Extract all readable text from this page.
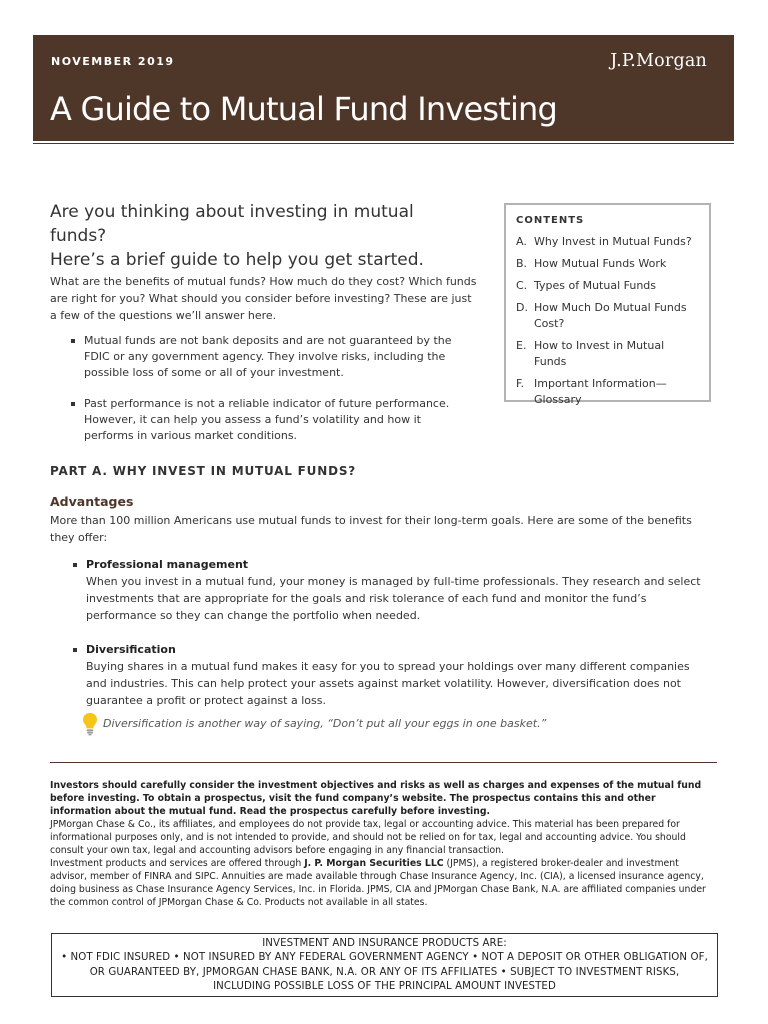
NOVEMBER 2019	J.P.Morgan
A Guide to Mutual Fund Investing
Are you thinking about investing in mutual funds?
Here’s a brief guide to help you get started.

What are the benefits of mutual funds? How much do they cost? Which funds are right for you? What should you consider before investing? These are just a few of the questions we’ll answer here.

Mutual funds are not bank deposits and are not guaranteed by the FDIC or any government agency. They involve risks, including the possible loss of some or all of your investment.
Past performance is not a reliable indicator of future performance. However, it can help you assess a fund’s volatility and how it performs in various market conditions.
CONTENTS
A. Why Invest in Mutual Funds?
B. How Mutual Funds Work
C. Types of Mutual Funds
D. How Much Do Mutual Funds Cost?
E. How to Invest in Mutual Funds
F. Important Information— Glossary
PART A. WHY INVEST IN MUTUAL FUNDS?
Advantages

More than 100 million Americans use mutual funds to invest for their long-term goals. Here are some of the benefits they offer:

Professional management
When you invest in a mutual fund, your money is managed by full-time professionals. They research and select investments that are appropriate for the goals and risk tolerance of each fund and monitor the fund’s performance so they can change the portfolio when needed.
Diversification
Buying shares in a mutual fund makes it easy for you to spread your holdings over many different companies and industries. This can help protect your assets against market volatility. However, diversification does not guarantee a profit or protect against a loss.

Diversification is another way of saying, “Don’t put all your eggs in one basket.”

Investors should carefully consider the investment objectives and risks as well as charges and expenses of the mutual fund before investing. To obtain a prospectus, visit the fund company’s website. The prospectus contains this and other information about the mutual fund. Read the prospectus carefully before investing.

JPMorgan Chase & Co., its affiliates, and employees do not provide tax, legal or accounting advice. This material has been prepared for informational purposes only, and is not intended to provide, and should not be relied on for tax, legal and accounting advice. You should consult your own tax, legal and accounting advisors before engaging in any financial transaction.

Investment products and services are offered through J. P. Morgan Securities LLC (JPMS), a registered broker-dealer and investment advisor, member of FINRA and SIPC. Annuities are made available through Chase Insurance Agency, Inc. (CIA), a licensed insurance agency, doing business as Chase Insurance Agency Services, Inc. in Florida. JPMS, CIA and JPMorgan Chase Bank, N.A. are affiliated companies under the common control of JPMorgan Chase & Co. Products not available in all states.

INVESTMENT AND INSURANCE PRODUCTS ARE:

• NOT FDIC INSURED • NOT INSURED BY ANY FEDERAL GOVERNMENT AGENCY • NOT A DEPOSIT OR OTHER OBLIGATION OF,

OR GUARANTEED BY, JPMORGAN CHASE BANK, N.A. OR ANY OF ITS AFFILIATES • SUBJECT TO INVESTMENT RISKS,

INCLUDING POSSIBLE LOSS OF THE PRINCIPAL AMOUNT INVESTED
